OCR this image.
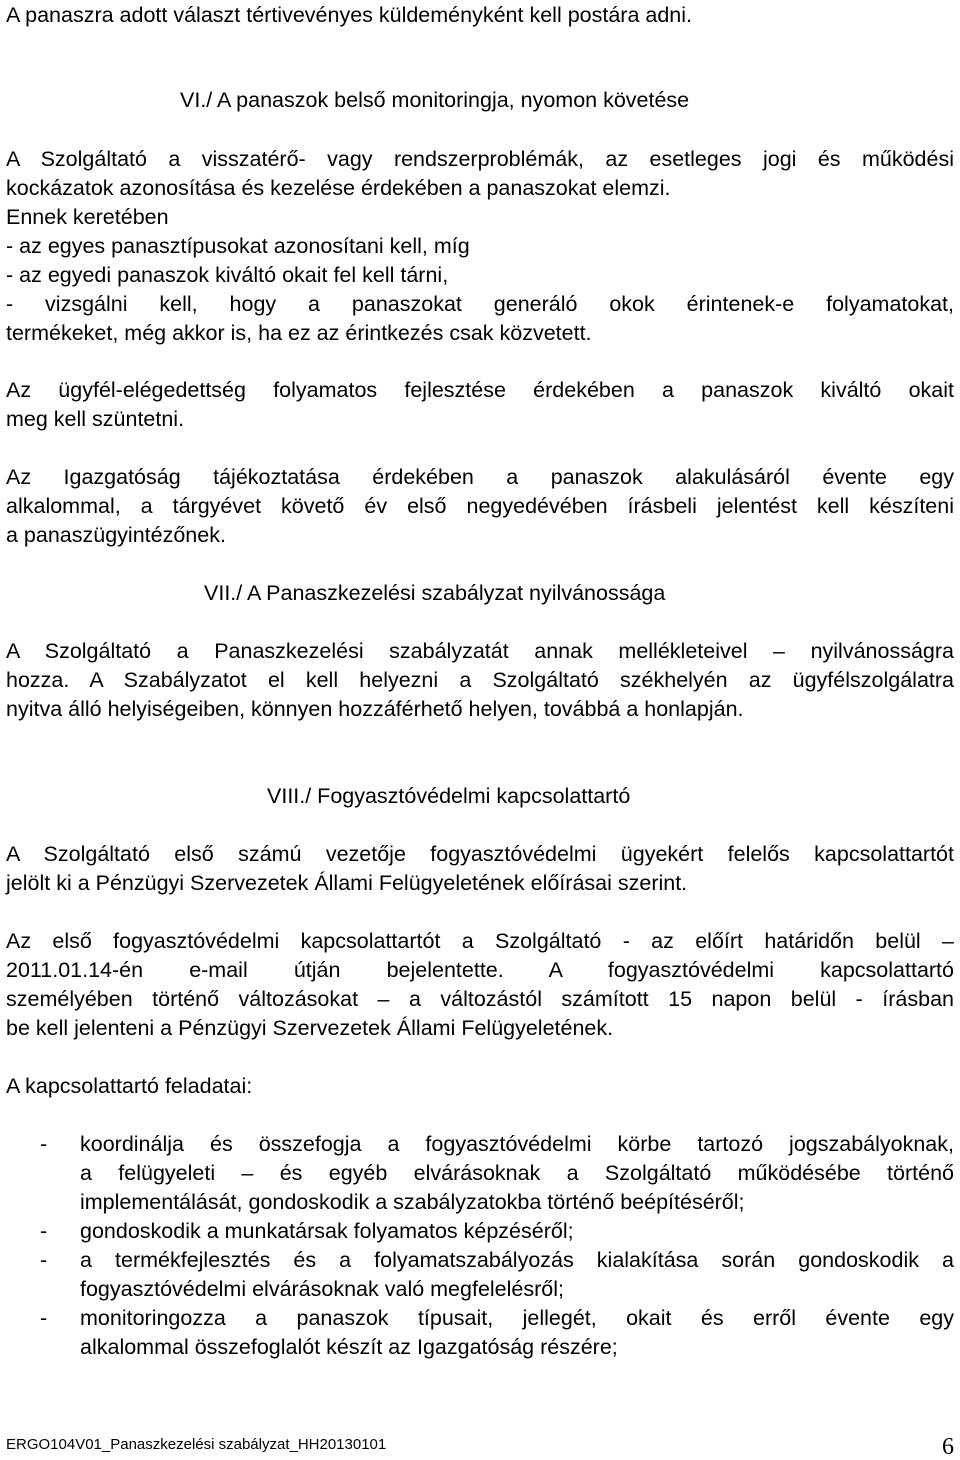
A panaszra adott választ tértivevényes küldeményként kell postára adni.
VI./ A panaszok belső monitoringja, nyomon követése
A Szolgáltató a visszatérő- vagy rendszerproblémák, az esetleges jogi és működési
kockázatok azonosítása és kezelése érdekében a panaszokat elemzi.
Ennek keretében
- az egyes panasztípusokat azonosítani kell, míg
- az egyedi panaszok kiváltó okait fel kell tárni,
- vizsgálni kell, hogy a panaszokat generáló okok érintenek-e folyamatokat,
termékeket, még akkor is, ha ez az érintkezés csak közvetett.
Az ügyfél-elégedettség folyamatos fejlesztése érdekében a panaszok kiváltó okait
meg kell szüntetni.
Az Igazgatóság tájékoztatása érdekében a panaszok alakulásáról évente egy
alkalommal, a tárgyévet követő év első negyedévében írásbeli jelentést kell készíteni
a panaszügyintézőnek.
VII./ A Panaszkezelési szabályzat nyilvánossága
A Szolgáltató a Panaszkezelési szabályzatát annak mellékleteivel – nyilvánosságra
hozza. A Szabályzatot el kell helyezni a Szolgáltató székhelyén az ügyfélszolgálatra
nyitva álló helyiségeiben, könnyen hozzáférhető helyen, továbbá a honlapján.
VIII./ Fogyasztóvédelmi kapcsolattartó
A Szolgáltató első számú vezetője fogyasztóvédelmi ügyekért felelős kapcsolattartót
jelölt ki a Pénzügyi Szervezetek Állami Felügyeletének előírásai szerint.
Az első fogyasztóvédelmi kapcsolattartót a Szolgáltató - az előírt határidőn belül –
2011.01.14-én e-mail útján bejelentette. A fogyasztóvédelmi kapcsolattartó
személyében történő változásokat – a változástól számított 15 napon belül - írásban
be kell jelenteni a Pénzügyi Szervezetek Állami Felügyeletének.
A kapcsolattartó feladatai:
-	koordinálja és összefogja a fogyasztóvédelmi körbe tartozó jogszabályoknak,
a felügyeleti – és egyéb elvárásoknak a Szolgáltató működésébe történő
implementálását, gondoskodik a szabályzatokba történő beépítéséről;
-	gondoskodik a munkatársak folyamatos képzéséről;
-	a termékfejlesztés és a folyamatszabályozás kialakítása során gondoskodik a
fogyasztóvédelmi elvárásoknak való megfelelésről;
-	monitoringozza a panaszok típusait, jellegét, okait és erről évente egy
alkalommal összefoglalót készít az Igazgatóság részére;
ERGO104V01_Panaszkezelési szabályzat_HH20130101	6
